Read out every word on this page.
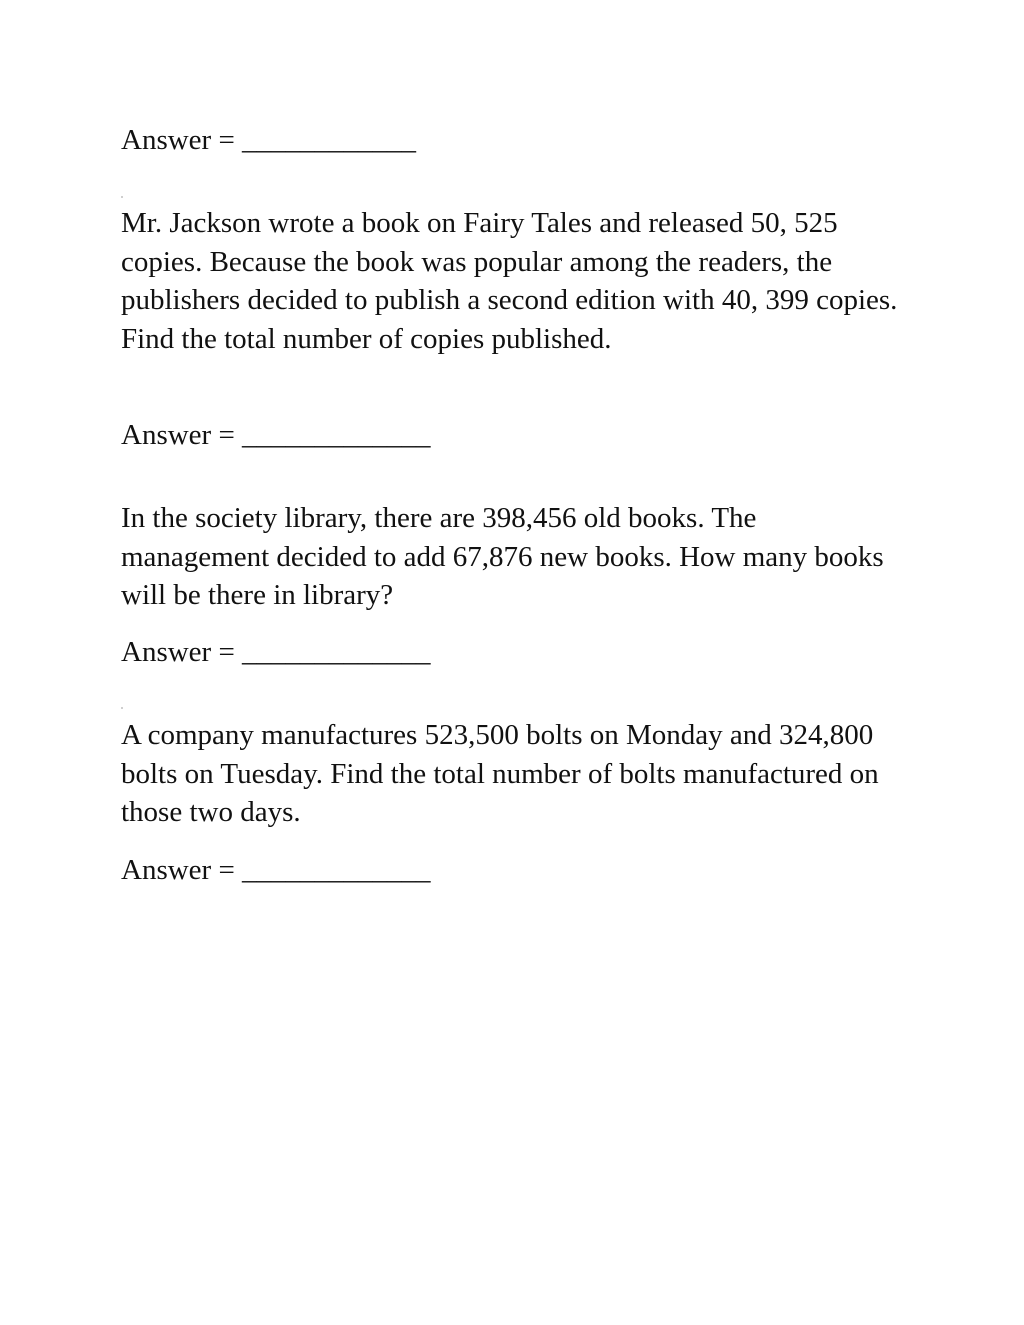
Answer = ____________
Mr. Jackson wrote a book on Fairy Tales and released 50, 525 copies. Because the book was popular among the readers, the publishers decided to publish a second edition with 40, 399 copies. Find the total number of copies published.
Answer = _____________
In the society library, there are 398,456 old books. The management decided to add 67,876 new books. How many books will be there in library?
Answer = _____________
A company manufactures 523,500 bolts on Monday and 324,800 bolts on Tuesday. Find the total number of bolts manufactured on those two days.
Answer = _____________
